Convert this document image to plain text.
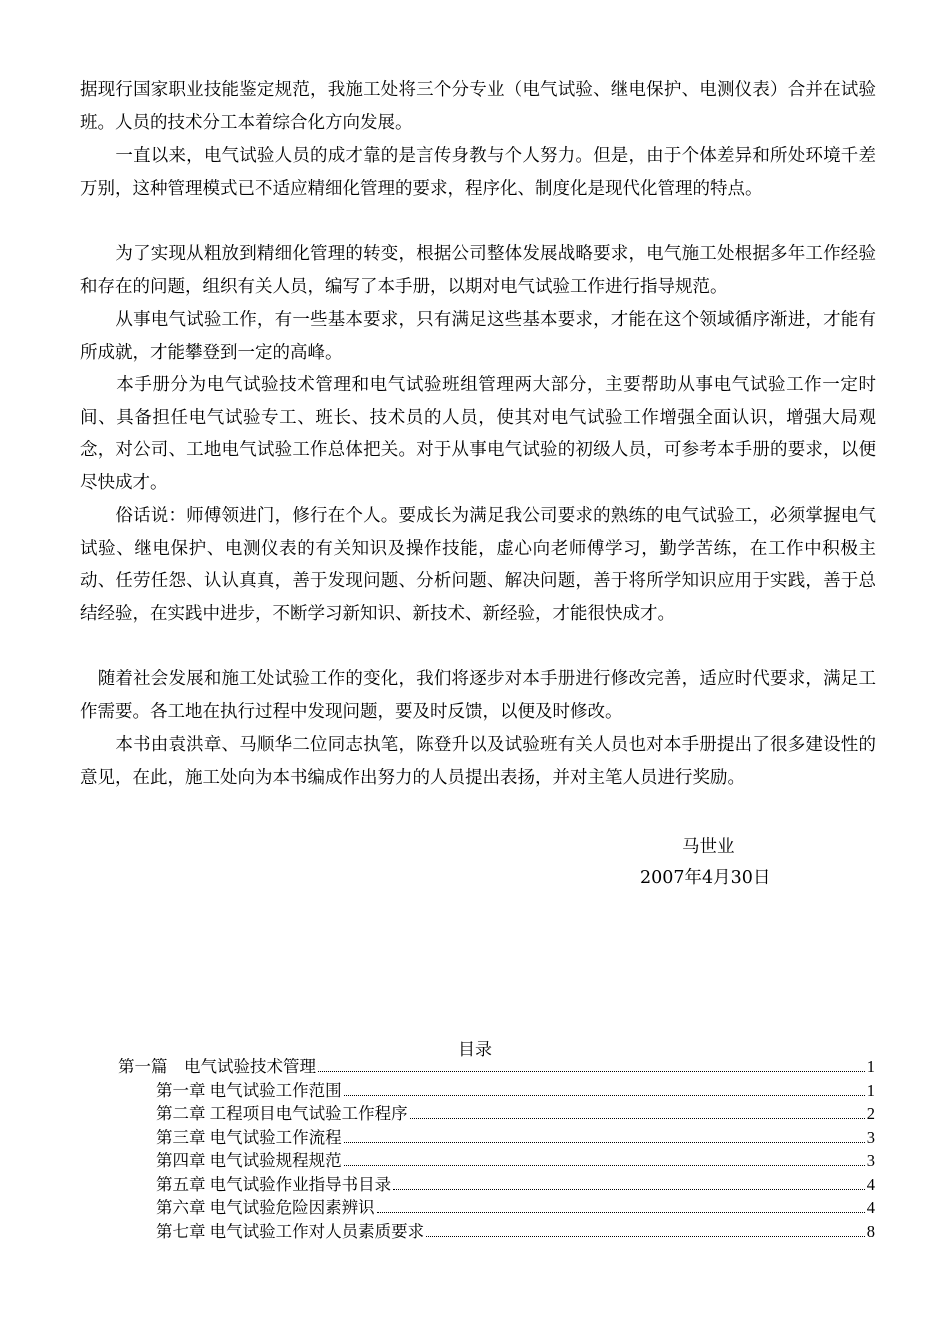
据现行国家职业技能鉴定规范，我施工处将三个分专业（电气试验、继电保护、电测仪表）合并在试验班。人员的技术分工本着综合化方向发展。

　　一直以来，电气试验人员的成才靠的是言传身教与个人努力。但是，由于个体差异和所处环境千差万别，这种管理模式已不适应精细化管理的要求，程序化、制度化是现代化管理的特点。

　　为了实现从粗放到精细化管理的转变，根据公司整体发展战略要求，电气施工处根据多年工作经验和存在的问题，组织有关人员，编写了本手册，以期对电气试验工作进行指导规范。

　　从事电气试验工作，有一些基本要求，只有满足这些基本要求，才能在这个领域循序渐进，才能有所成就，才能攀登到一定的高峰。

　　本手册分为电气试验技术管理和电气试验班组管理两大部分，主要帮助从事电气试验工作一定时间、具备担任电气试验专工、班长、技术员的人员，使其对电气试验工作增强全面认识，增强大局观念，对公司、工地电气试验工作总体把关。对于从事电气试验的初级人员，可参考本手册的要求，以便尽快成才。

　　俗话说：师傅领进门，修行在个人。要成长为满足我公司要求的熟练的电气试验工，必须掌握电气试验、继电保护、电测仪表的有关知识及操作技能，虚心向老师傅学习，勤学苦练，在工作中积极主动、任劳任怨、认认真真，善于发现问题、分析问题、解决问题，善于将所学知识应用于实践，善于总结经验，在实践中进步，不断学习新知识、新技术、新经验，才能很快成才。

　随着社会发展和施工处试验工作的变化，我们将逐步对本手册进行修改完善，适应时代要求，满足工作需要。各工地在执行过程中发现问题，要及时反馈，以便及时修改。

　　本书由袁洪章、马顺华二位同志执笔，陈登升以及试验班有关人员也对本手册提出了很多建设性的意见，在此，施工处向为本书编成作出努力的人员提出表扬，并对主笔人员进行奖励。

马世业
2007年4月30日
目录
第一篇　电气试验技术管理	1
第一章 电气试验工作范围	1
第二章 工程项目电气试验工作程序	2
第三章 电气试验工作流程	3
第四章 电气试验规程规范	3
第五章 电气试验作业指导书目录	4
第六章 电气试验危险因素辨识	4
第七章 电气试验工作对人员素质要求	8
